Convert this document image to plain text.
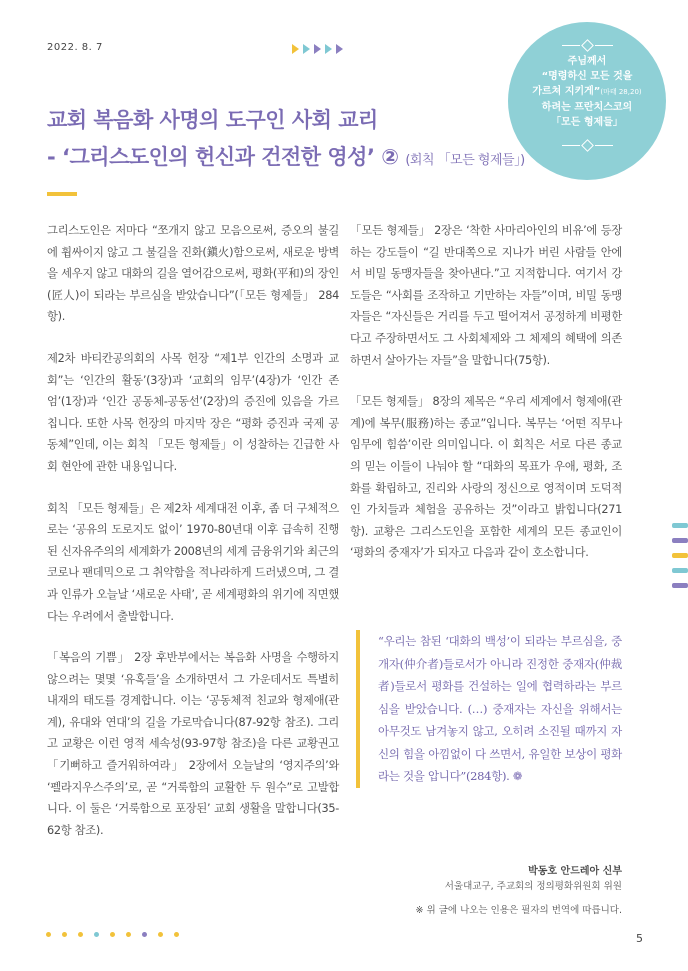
2022. 8. 7
주님께서
“명령하신 모든 것을
가르쳐 지키게”(마태 28,20)
하려는 프란치스코의
「모든 형제들」
교회 복음화 사명의 도구인 사회 교리
- ‘그리스도인의 헌신과 건전한 영성’ ② (회칙 「모든 형제들」)

그리스도인은 저마다 “쪼개지 않고 모음으로써, 증오의 불길에 휩싸이지 않고 그 불길을 진화(鎭火)함으로써, 새로운 방벽을 세우지 않고 대화의 길을 열어감으로써, 평화(平和)의 장인(匠人)이 되라는 부르심을 받았습니다”(「모든 형제들」 284항).

제2차 바티칸공의회의 사목 헌장 “제1부 인간의 소명과 교회”는 ‘인간의 활동’(3장)과 ‘교회의 임무’(4장)가 ‘인간 존엄’(1장)과 ‘인간 공동체-공동선’(2장)의 증진에 있음을 가르칩니다. 또한 사목 헌장의 마지막 장은 “평화 증진과 국제 공동체”인데, 이는 회칙 「모든 형제들」이 성찰하는 긴급한 사회 현안에 관한 내용입니다.

회칙 「모든 형제들」은 제2차 세계대전 이후, 좀 더 구체적으로는 ‘공유의 도로지도 없이’ 1970-80년대 이후 급속히 진행된 신자유주의의 세계화가 2008년의 세계 금융위기와 최근의 코로나 팬데믹으로 그 취약함을 적나라하게 드러냈으며, 그 결과 인류가 오늘날 ‘새로운 사태’, 곧 세계평화의 위기에 직면했다는 우려에서 출발합니다.

「복음의 기쁨」 2장 후반부에서는 복음화 사명을 수행하지 않으려는 몇몇 ‘유혹들’을 소개하면서 그 가운데서도 특별히 내재의 태도를 경계합니다. 이는 ‘공동체적 친교와 형제애(관계), 유대와 연대’의 길을 가로막습니다(87-92항 참조). 그리고 교황은 이런 영적 세속성(93-97항 참조)을 다른 교황권고 「기뻐하고 즐거워하여라」 2장에서 오늘날의 ‘영지주의’와 ‘펠라지우스주의’로, 곧 “거룩함의 교활한 두 원수”로 고발합니다. 이 둘은 ‘거룩함으로 포장된’ 교회 생활을 말합니다(35-62항 참조).

「모든 형제들」 2장은 ‘착한 사마리아인의 비유’에 등장하는 강도들이 “길 반대쪽으로 지나가 버린 사람들 안에서 비밀 동맹자들을 찾아낸다.”고 지적합니다. 여기서 강도들은 “사회를 조작하고 기만하는 자들”이며, 비밀 동맹자들은 “자신들은 거리를 두고 떨어져서 공정하게 비평한다고 주장하면서도 그 사회체제와 그 체제의 혜택에 의존하면서 살아가는 자들”을 말합니다(75항).

「모든 형제들」 8장의 제목은 “우리 세계에서 형제애(관계)에 복무(服務)하는 종교”입니다. 복무는 ‘어떤 직무나 임무에 힘씀’이란 의미입니다. 이 회칙은 서로 다른 종교의 믿는 이들이 나눠야 할 “대화의 목표가 우애, 평화, 조화를 확립하고, 진리와 사랑의 정신으로 영적이며 도덕적인 가치들과 체험을 공유하는 것”이라고 밝힙니다(271항). 교황은 그리스도인을 포함한 세계의 모든 종교인이 ‘평화의 중재자’가 되자고 다음과 같이 호소합니다.

“우리는 참된 ‘대화의 백성’이 되라는 부르심을, 중개자(仲介者)들로서가 아니라 진정한 중재자(仲裁者)들로서 평화를 건설하는 일에 협력하라는 부르심을 받았습니다. (…) 중재자는 자신을 위해서는 아무것도 남겨놓지 않고, 오히려 소진될 때까지 자신의 힘을 아낌없이 다 쓰면서, 유일한 보상이 평화라는 것을 압니다”(284항). ❁
박동호 안드레아 신부
서울대교구, 주교회의 정의평화위원회 위원
※ 위 글에 나오는 인용은 필자의 번역에 따릅니다.
5
